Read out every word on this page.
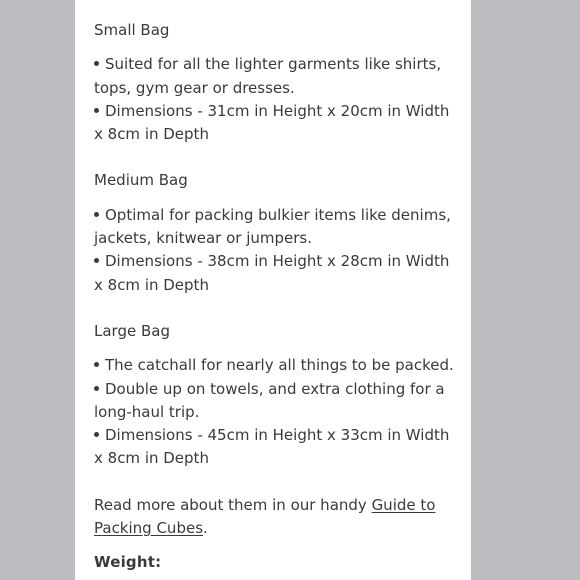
Small Bag

Suited for all the lighter garments like shirts, tops, gym gear or dresses.
Dimensions - 31cm in Height x 20cm in Width x 8cm in Depth

Medium Bag

Optimal for packing bulkier items like denims, jackets, knitwear or jumpers.
Dimensions - 38cm in Height x 28cm in Width x 8cm in Depth

Large Bag

The catchall for nearly all things to be packed.
Double up on towels, and extra clothing for a long-haul trip.
Dimensions - 45cm in Height x 33cm in Width x 8cm in Depth

Read more about them in our handy Guide to Packing Cubes.

Weight:
